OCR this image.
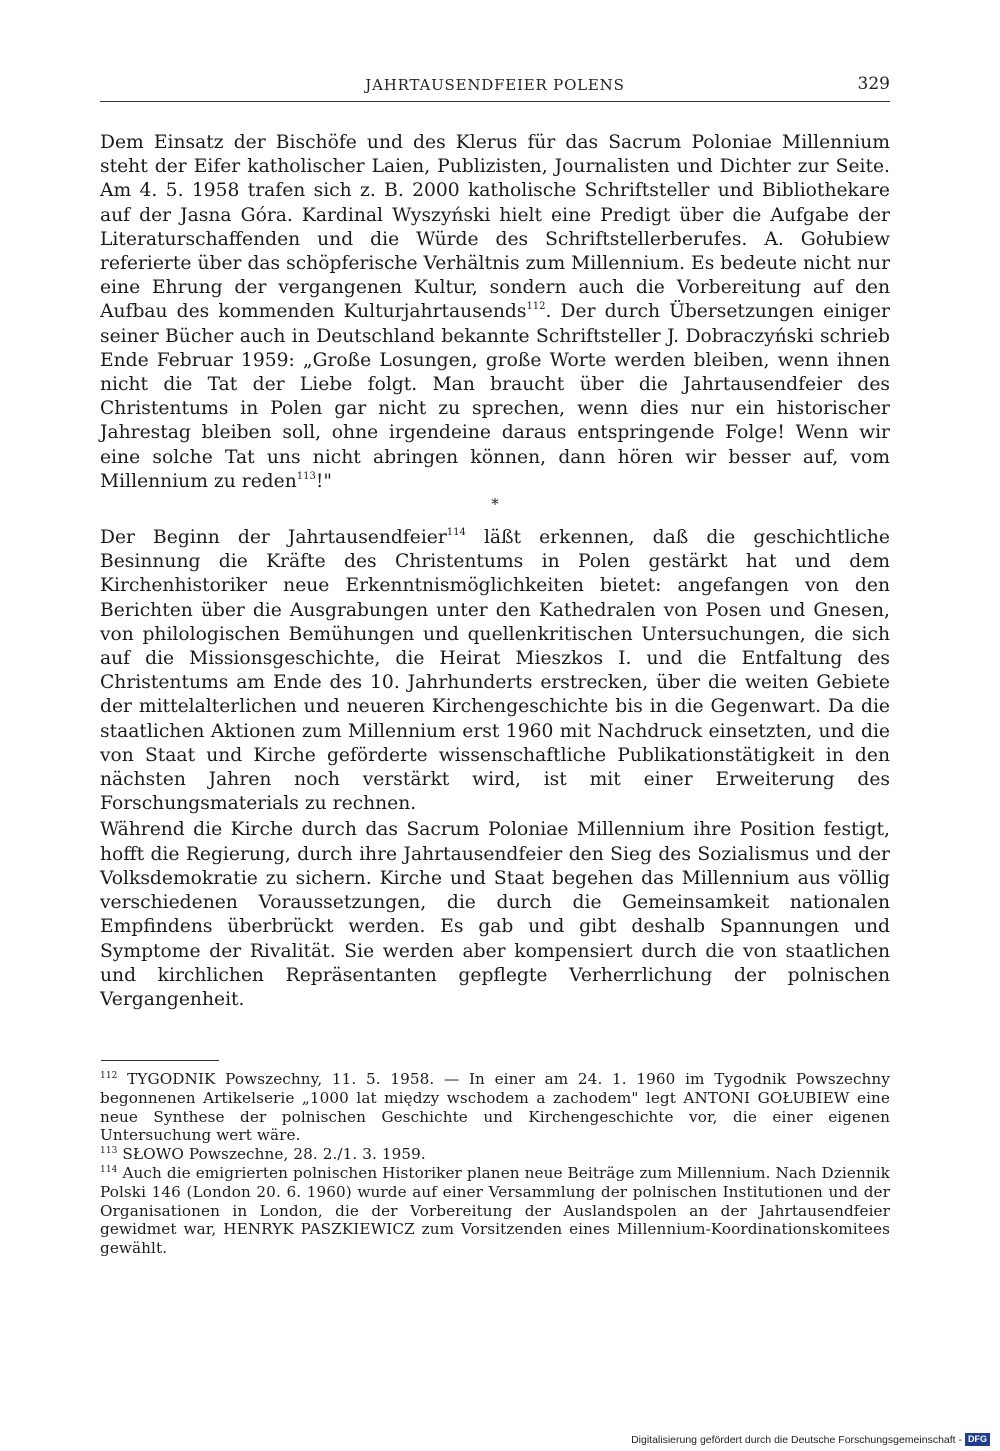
JAHRTAUSENDFEIER POLENS	329

Dem Einsatz der Bischöfe und des Klerus für das Sacrum Poloniae Millennium steht der Eifer katholischer Laien, Publizisten, Journalisten und Dichter zur Seite. Am 4. 5. 1958 trafen sich z. B. 2000 katholische Schriftsteller und Bibliothekare auf der Jasna Góra. Kardinal Wyszyński hielt eine Predigt über die Aufgabe der Literaturschaffenden und die Würde des Schriftstellerberufes. A. Gołubiew referierte über das schöpferische Verhältnis zum Millennium. Es bedeute nicht nur eine Ehrung der vergangenen Kultur, sondern auch die Vorbereitung auf den Aufbau des kommenden Kulturjahrtausends$^{112}$. Der durch Übersetzungen einiger seiner Bücher auch in Deutschland bekannte Schriftsteller J. Dobraczyński schrieb Ende Februar 1959: „Große Losungen, große Worte werden bleiben, wenn ihnen nicht die Tat der Liebe folgt. Man braucht über die Jahrtausendfeier des Christentums in Polen gar nicht zu sprechen, wenn dies nur ein historischer Jahrestag bleiben soll, ohne irgendeine daraus entspringende Folge! Wenn wir eine solche Tat uns nicht abringen können, dann hören wir besser auf, vom Millennium zu reden$^{113}$!"

*

Der Beginn der Jahrtausendfeier$^{114}$ läßt erkennen, daß die geschichtliche Besinnung die Kräfte des Christentums in Polen gestärkt hat und dem Kirchenhistoriker neue Erkenntnismöglichkeiten bietet: angefangen von den Berichten über die Ausgrabungen unter den Kathedralen von Posen und Gnesen, von philologischen Bemühungen und quellenkritischen Untersuchungen, die sich auf die Missionsgeschichte, die Heirat Mieszkos I. und die Entfaltung des Christentums am Ende des 10. Jahrhunderts erstrecken, über die weiten Gebiete der mittelalterlichen und neueren Kirchengeschichte bis in die Gegenwart. Da die staatlichen Aktionen zum Millennium erst 1960 mit Nachdruck einsetzten, und die von Staat und Kirche geförderte wissenschaftliche Publikationstätigkeit in den nächsten Jahren noch verstärkt wird, ist mit einer Erweiterung des Forschungsmaterials zu rechnen.

Während die Kirche durch das Sacrum Poloniae Millennium ihre Position festigt, hofft die Regierung, durch ihre Jahrtausendfeier den Sieg des Sozialismus und der Volksdemokratie zu sichern. Kirche und Staat begehen das Millennium aus völlig verschiedenen Voraussetzungen, die durch die Gemeinsamkeit nationalen Empfindens überbrückt werden. Es gab und gibt deshalb Spannungen und Symptome der Rivalität. Sie werden aber kompensiert durch die von staatlichen und kirchlichen Repräsentanten gepflegte Verherrlichung der polnischen Vergangenheit.

$^{112}$ TYGODNIK Powszechny, 11. 5. 1958. — In einer am 24. 1. 1960 im Tygodnik Powszechny begonnenen Artikelserie „1000 lat między wschodem a zachodem" legt ANTONI GOŁUBIEW eine neue Synthese der polnischen Geschichte und Kirchengeschichte vor, die einer eigenen Untersuchung wert wäre.

$^{113}$ SŁOWO Powszechne, 28. 2./1. 3. 1959.

$^{114}$ Auch die emigrierten polnischen Historiker planen neue Beiträge zum Millennium. Nach Dziennik Polski 146 (London 20. 6. 1960) wurde auf einer Versammlung der polnischen Institutionen und der Organisationen in London, die der Vorbereitung der Auslandspolen an der Jahrtausendfeier gewidmet war, HENRYK PASZKIEWICZ zum Vorsitzenden eines Millennium-Koordinationskomitees gewählt.

Digitalisierung gefördert durch die Deutsche Forschungsgemeinschaft - DFG
